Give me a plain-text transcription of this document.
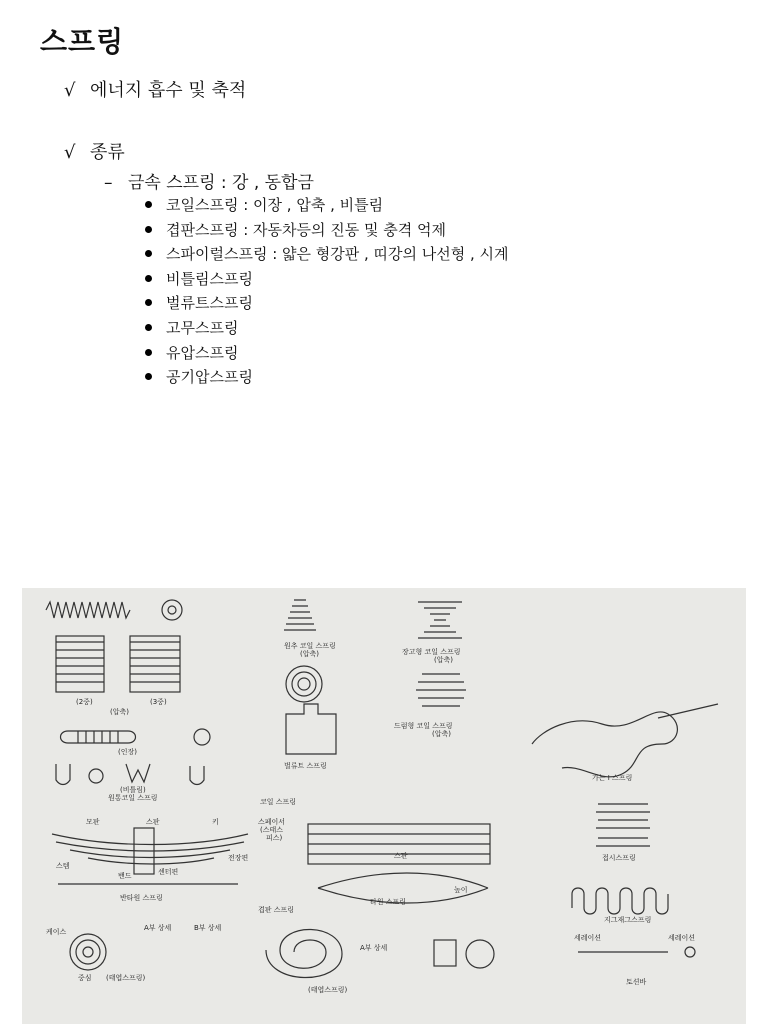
스프링
√ 에너지 흡수 및 축적
√ 종류
– 금속 스프링 : 강 , 동합금
코일스프링 : 이장 , 압축 , 비틀림
겹판스프링 : 자동차등의 진동 및 충격 억제
스파이럴스프링 : 얇은 형강판 , 띠강의 나선형 , 시계
비틀림스프링
벌류트스프링
고무스프링
유압스프링
공기압스프링
(2중)	(3중)
(압축)
(인장)
(비틀림)
원통코일 스프링
원추 코일 스프링
(압축)	장고형 코일 스프링
(압축)
벌류트 스프링
드럼형 코일 스프링
(압축)
가는 I 스프링
코일 스프링
스판
모판	키	스페이서
(스태스
피스)
스템
밴드	센터편
전장편
반타원 스프링
겹판 스프링
스판
높이
타원 스프링
접시스프링
지그재그스프링
케이스	A부 상세	B부 상세
중심 (태엽스프링)
A부 상세
(태엽스프링)
세레이션	세레이션
토션바
